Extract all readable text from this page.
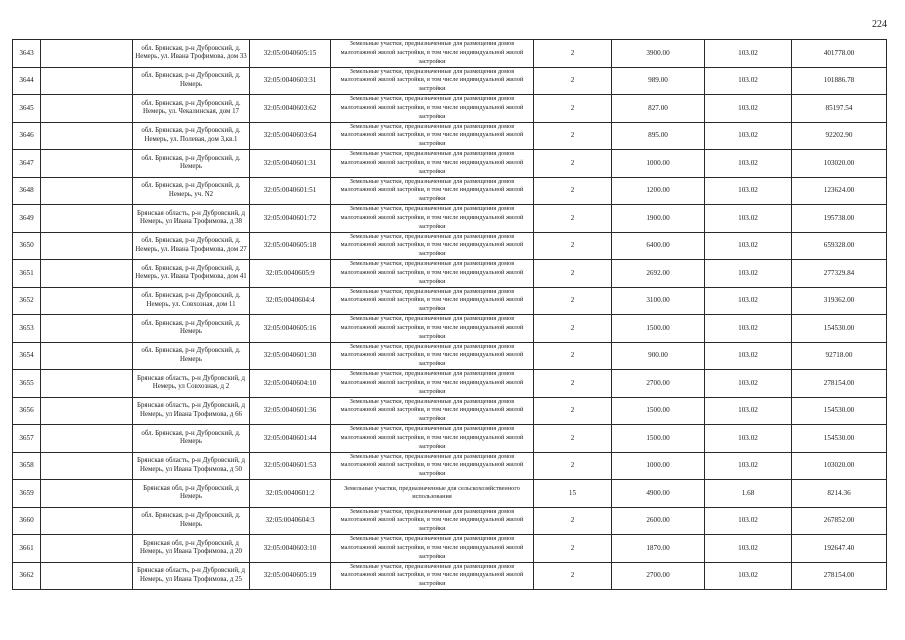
224
3643		обл. Брянская, р-н Дубровский, д. Немерь, ул. Ивана Трофимова, дом 33	32:05:0040605:15	Земельные участки, предназначенные для размещения домов малоэтажной жилой застройки, в том числе индивидуальной жилой застройки	2	3900.00	103.02	401778.00
3644		обл. Брянская, р-н Дубровский, д. Немерь	32:05:0040603:31	Земельные участки, предназначенные для размещения домов малоэтажной жилой застройки, в том числе индивидуальной жилой застройки	2	989.00	103.02	101886.78
3645		обл. Брянская, р-н Дубровский, д. Немерь, ул. Чекалинская, дом 17	32:05:0040603:62	Земельные участки, предназначенные для размещения домов малоэтажной жилой застройки, в том числе индивидуальной жилой застройки	2	827.00	103.02	85197.54
3646		обл. Брянская, р-н Дубровский, д. Немерь, ул. Полевая, дом 3,кв.1	32:05:0040603:64	Земельные участки, предназначенные для размещения домов малоэтажной жилой застройки, в том числе индивидуальной жилой застройки	2	895.00	103.02	92202.90
3647		обл. Брянская, р-н Дубровский, д. Немерь	32:05:0040601:31	Земельные участки, предназначенные для размещения домов малоэтажной жилой застройки, в том числе индивидуальной жилой застройки	2	1000.00	103.02	103020.00
3648		обл. Брянская, р-н Дубровский, д. Немерь, уч. N2	32:05:0040601:51	Земельные участки, предназначенные для размещения домов малоэтажной жилой застройки, в том числе индивидуальной жилой застройки	2	1200.00	103.02	123624.00
3649		Брянская область, р-н Дубровский, д Немерь, ул Ивана Трофимова, д 38	32:05:0040601:72	Земельные участки, предназначенные для размещения домов малоэтажной жилой застройки, в том числе индивидуальной жилой застройки	2	1900.00	103.02	195738.00
3650		обл. Брянская, р-н Дубровский, д. Немерь, ул. Ивана Трофимова, дом 27	32:05:0040605:18	Земельные участки, предназначенные для размещения домов малоэтажной жилой застройки, в том числе индивидуальной жилой застройки	2	6400.00	103.02	659328.00
3651		обл. Брянская, р-н Дубровский, д. Немерь, ул. Ивана Трофимова, дом 41	32:05:0040605:9	Земельные участки, предназначенные для размещения домов малоэтажной жилой застройки, в том числе индивидуальной жилой застройки	2	2692.00	103.02	277329.84
3652		обл. Брянская, р-н Дубровский, д. Немерь, ул. Совхозная, дом 11	32:05:0040604:4	Земельные участки, предназначенные для размещения домов малоэтажной жилой застройки, в том числе индивидуальной жилой застройки	2	3100.00	103.02	319362.00
3653		обл. Брянская, р-н Дубровский, д. Немерь	32:05:0040605:16	Земельные участки, предназначенные для размещения домов малоэтажной жилой застройки, в том числе индивидуальной жилой застройки	2	1500.00	103.02	154530.00
3654		обл. Брянская, р-н Дубровский, д. Немерь	32:05:0040601:30	Земельные участки, предназначенные для размещения домов малоэтажной жилой застройки, в том числе индивидуальной жилой застройки	2	900.00	103.02	92718.00
3655		Брянская область, р-н Дубровский, д Немерь, ул Совхозная, д 2	32:05:0040604:10	Земельные участки, предназначенные для размещения домов малоэтажной жилой застройки, в том числе индивидуальной жилой застройки	2	2700.00	103.02	278154.00
3656		Брянская область, р-н Дубровский, д Немерь, ул Ивана Трофимова, д 66	32:05:0040601:36	Земельные участки, предназначенные для размещения домов малоэтажной жилой застройки, в том числе индивидуальной жилой застройки	2	1500.00	103.02	154530.00
3657		обл. Брянская, р-н Дубровский, д. Немерь	32:05:0040601:44	Земельные участки, предназначенные для размещения домов малоэтажной жилой застройки, в том числе индивидуальной жилой застройки	2	1500.00	103.02	154530.00
3658		Брянская область, р-н Дубровский, д Немерь, ул Ивана Трофимова, д 50	32:05:0040601:53	Земельные участки, предназначенные для размещения домов малоэтажной жилой застройки, в том числе индивидуальной жилой застройки	2	1000.00	103.02	103020.00
3659		Брянская обл, р-н Дубровский, д Немерь	32:05:0040601:2	Земельные участки, предназначенные для сельскохозяйственного использования	15	4900.00	1.68	8214.36
3660		обл. Брянская, р-н Дубровский, д. Немерь	32:05:0040604:3	Земельные участки, предназначенные для размещения домов малоэтажной жилой застройки, в том числе индивидуальной жилой застройки	2	2600.00	103.02	267852.00
3661		Брянская обл, р-н Дубровский, д Немерь, ул Ивана Трофимова, д 20	32:05:0040603:10	Земельные участки, предназначенные для размещения домов малоэтажной жилой застройки, в том числе индивидуальной жилой застройки	2	1870.00	103.02	192647.40
3662		Брянская область, р-н Дубровский, д Немерь, ул Ивана Трофимова, д 25	32:05:0040605:19	Земельные участки, предназначенные для размещения домов малоэтажной жилой застройки, в том числе индивидуальной жилой застройки	2	2700.00	103.02	278154.00
